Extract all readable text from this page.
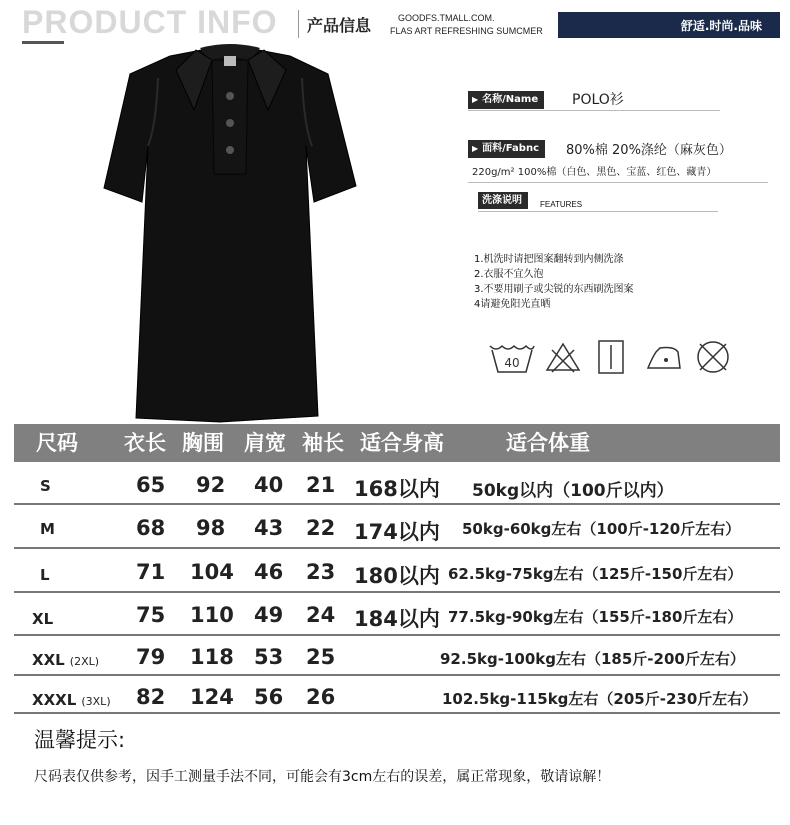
PRODUCT INFO 产品信息	GOODFS.TMALL.COM.
FLAS ART REFRESHING SUMCMER	舒适.时尚.品味
▶ 名称/Name	POLO衫
▶ 面料/Fabnc	80%棉 20%涤纶（麻灰色）
220g/m² 100%棉（白色、黑色、宝蓝、红色、藏青）
洗涤说明	FEATURES
1.机洗时请把图案翻转到内侧洗涤
2.衣服不宜久泡
3.不要用刷子或尖锐的东西刷洗图案
4请避免阳光直晒
40
尺码 衣长 胸围 肩宽 袖长 适合身高	适合体重
S	65 92 40 21 168以内 50kg以内（100斤以内）
M	68 98 43 22 174以内 50kg-60kg左右（100斤-120斤左右）
L	71 104 46 23 180以内 62.5kg-75kg左右（125斤-150斤左右）
XL	75 110 49 24 184以内 77.5kg-90kg左右（155斤-180斤左右）
XXL (2XL) 79 118 53 25	92.5kg-100kg左右（185斤-200斤左右）
XXXL (3XL) 82 124 56 26	102.5kg-115kg左右（205斤-230斤左右）
温馨提示:
尺码表仅供参考，因手工测量手法不同，可能会有3cm左右的误差，属正常现象，敬请谅解！
